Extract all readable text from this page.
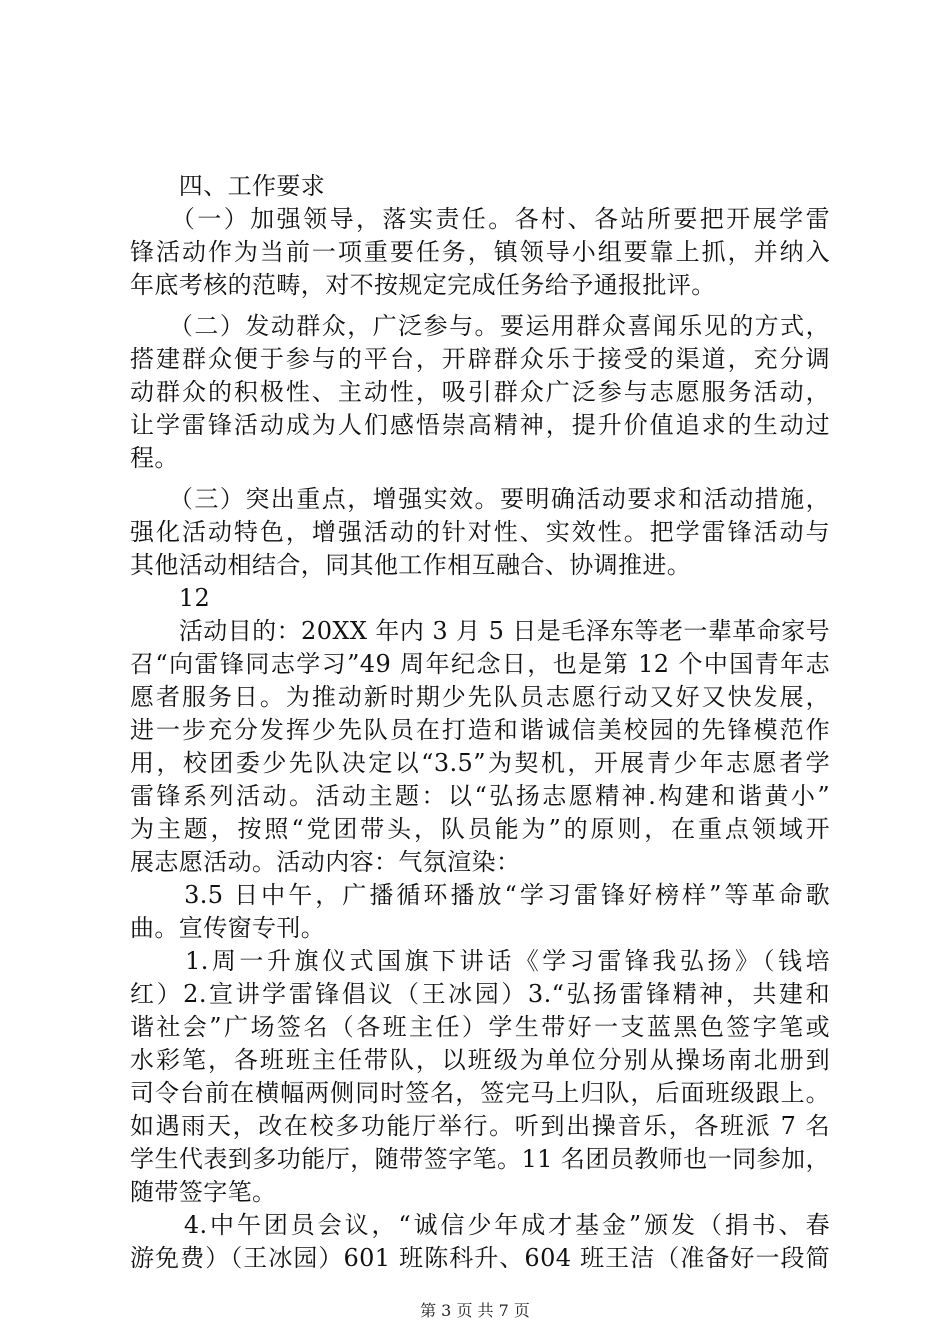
　　四、工作要求
　　（一）加强领导，落实责任。各村、各站所要把开展学雷
锋活动作为当前一项重要任务，镇领导小组要靠上抓，并纳入
年底考核的范畴，对不按规定完成任务给予通报批评。
　　（二）发动群众，广泛参与。要运用群众喜闻乐见的方式，
搭建群众便于参与的平台，开辟群众乐于接受的渠道，充分调
动群众的积极性、主动性，吸引群众广泛参与志愿服务活动，
让学雷锋活动成为人们感悟崇高精神，提升价值追求的生动过
程。
　　（三）突出重点，增强实效。要明确活动要求和活动措施，
强化活动特色，增强活动的针对性、实效性。把学雷锋活动与
其他活动相结合，同其他工作相互融合、协调推进。
　　12
　　活动目的：20XX 年内 3 月 5 日是毛泽东等老一辈革命家号
召“向雷锋同志学习”49 周年纪念日，也是第 12 个中国青年志
愿者服务日。为推动新时期少先队员志愿行动又好又快发展，
进一步充分发挥少先队员在打造和谐诚信美校园的先锋模范作
用，校团委少先队决定以“3.5”为契机，开展青少年志愿者学
雷锋系列活动。活动主题：以“弘扬志愿精神.构建和谐黄小”
为主题，按照“党团带头，队员能为”的原则，在重点领域开
展志愿活动。活动内容：气氛渲染：
　　3.5 日中午，广播循环播放“学习雷锋好榜样”等革命歌
曲。宣传窗专刊。
　　1.周一升旗仪式国旗下讲话《学习雷锋我弘扬》（钱培
红）2.宣讲学雷锋倡议（王冰园）3.“弘扬雷锋精神，共建和
谐社会”广场签名（各班主任）学生带好一支蓝黑色签字笔或
水彩笔，各班班主任带队，以班级为单位分别从操场南北册到
司令台前在横幅两侧同时签名，签完马上归队，后面班级跟上。
如遇雨天，改在校多功能厅举行。听到出操音乐，各班派 7 名
学生代表到多功能厅，随带签字笔。11 名团员教师也一同参加，
随带签字笔。
　　4.中午团员会议，“诚信少年成才基金”颁发（捐书、春
游免费）（王冰园）601 班陈科升、604 班王洁（准备好一段简
第 3 页 共 7 页
